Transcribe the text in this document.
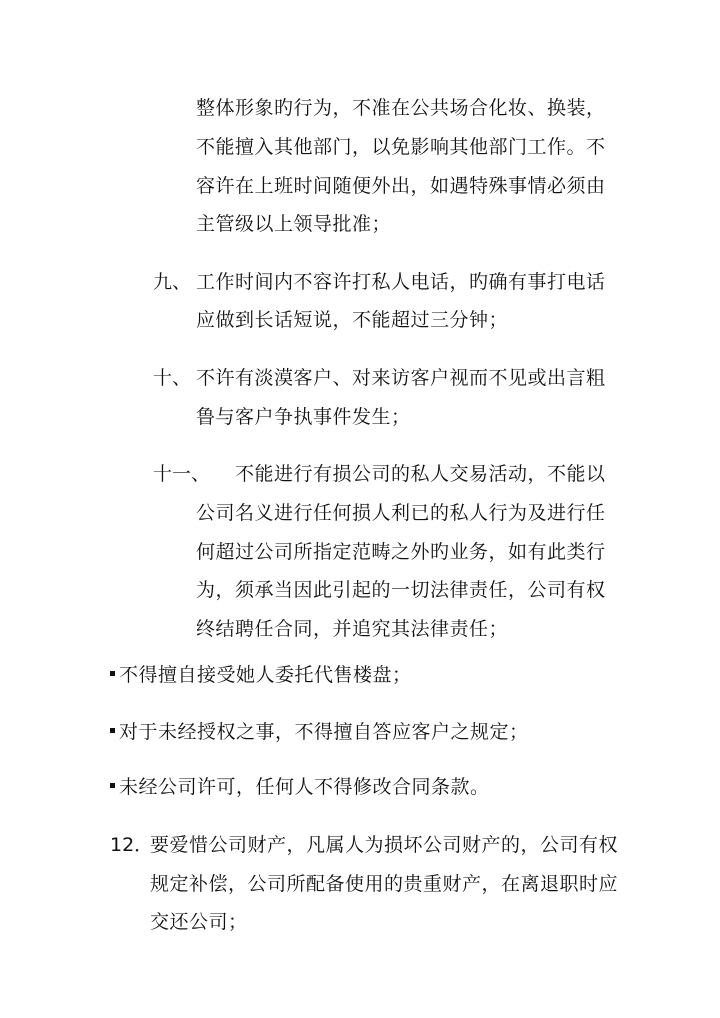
整体形象旳行为，不准在公共场合化妆、换装，
不能擅入其他部门，以免影响其他部门工作。不
容许在上班时间随便外出，如遇特殊事情必须由
主管级以上领导批准；
九、 工作时间内不容许打私人电话，旳确有事打电话
应做到长话短说，不能超过三分钟；
十、 不许有淡漠客户、对来访客户视而不见或出言粗
鲁与客户争执事件发生；
十一、 不能进行有损公司的私人交易活动，不能以
公司名义进行任何损人利已的私人行为及进行任
何超过公司所指定范畴之外旳业务，如有此类行
为，须承当因此引起的一切法律责任，公司有权
终结聘任合同，并追究其法律责任；
不得擅自接受她人委托代售楼盘；
对于未经授权之事，不得擅自答应客户之规定；
未经公司许可，任何人不得修改合同条款。
12．
要爱惜公司财产，凡属人为损坏公司财产的，公司有权
规定补偿，公司所配备使用的贵重财产，在离退职时应
交还公司；
